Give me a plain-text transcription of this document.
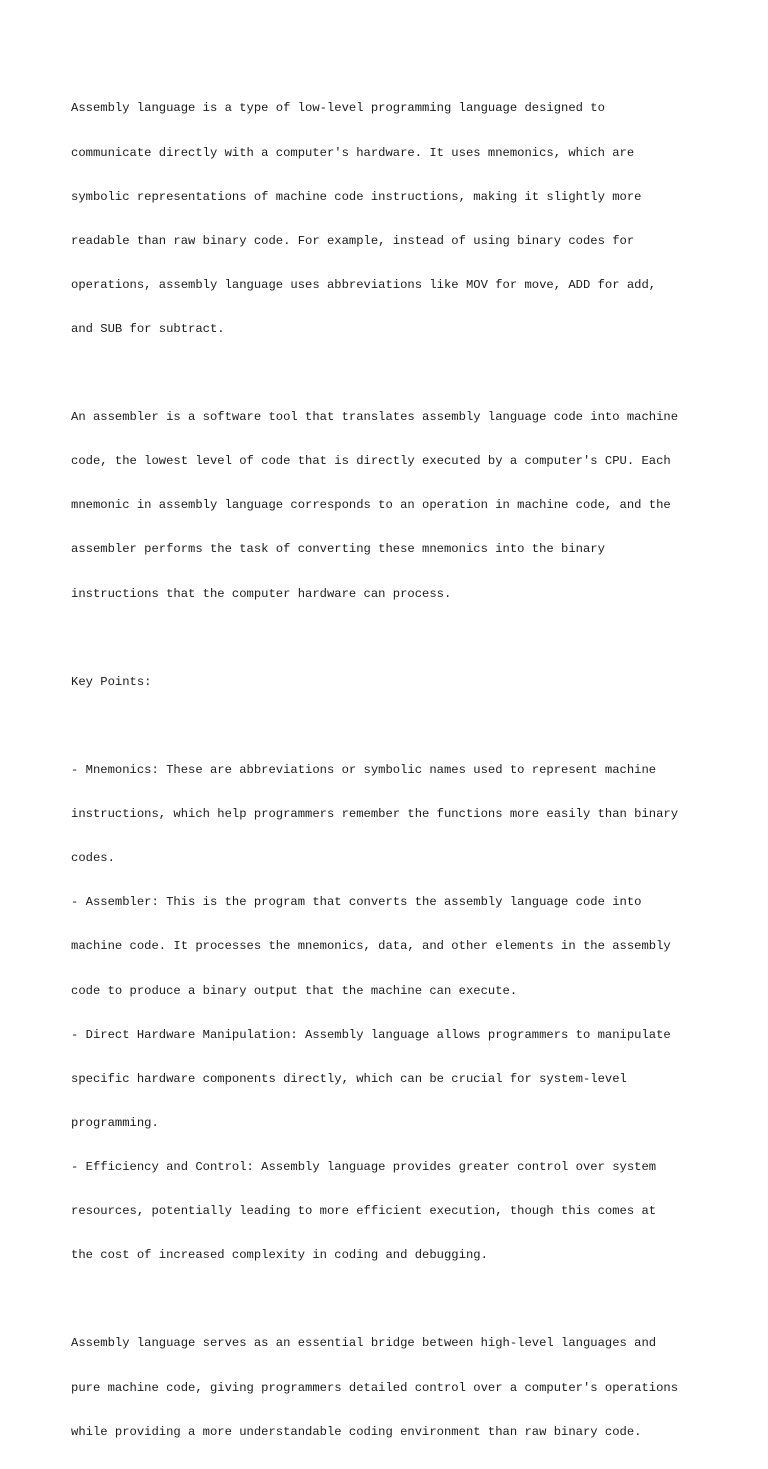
Assembly language is a type of low-level programming language designed to

communicate directly with a computer's hardware. It uses mnemonics, which are

symbolic representations of machine code instructions, making it slightly more

readable than raw binary code. For example, instead of using binary codes for

operations, assembly language uses abbreviations like MOV for move, ADD for add,

and SUB for subtract.

An assembler is a software tool that translates assembly language code into machine

code, the lowest level of code that is directly executed by a computer's CPU. Each

mnemonic in assembly language corresponds to an operation in machine code, and the

assembler performs the task of converting these mnemonics into the binary

instructions that the computer hardware can process.

Key Points:

- Mnemonics: These are abbreviations or symbolic names used to represent machine

instructions, which help programmers remember the functions more easily than binary

codes.

- Assembler: This is the program that converts the assembly language code into

machine code. It processes the mnemonics, data, and other elements in the assembly

code to produce a binary output that the machine can execute.

- Direct Hardware Manipulation: Assembly language allows programmers to manipulate

specific hardware components directly, which can be crucial for system-level

programming.

- Efficiency and Control: Assembly language provides greater control over system

resources, potentially leading to more efficient execution, though this comes at

the cost of increased complexity in coding and debugging.

Assembly language serves as an essential bridge between high-level languages and

pure machine code, giving programmers detailed control over a computer's operations

while providing a more understandable coding environment than raw binary code.
